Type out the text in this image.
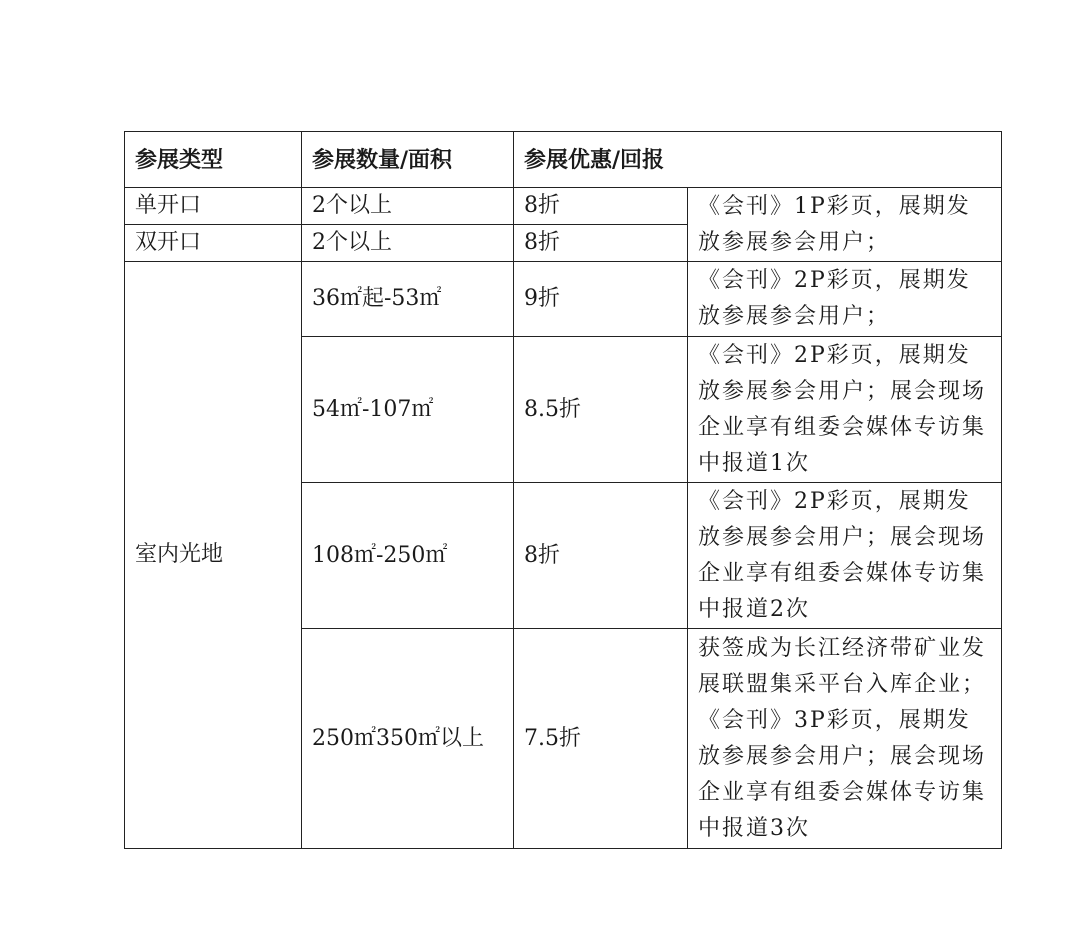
参展类型	参展数量/面积	参展优惠/回报	
单开口	2个以上	8折	《会刊》1P彩页，展期发放参展参会用户；
双开口	2个以上	8折	
室内光地	36㎡起-53㎡	9折	《会刊》2P彩页，展期发放参展参会用户；
	54㎡-107㎡	8.5折	《会刊》2P彩页，展期发放参展参会用户；展会现场企业享有组委会媒体专访集中报道1次
	108㎡-250㎡	8折	《会刊》2P彩页，展期发放参展参会用户；展会现场企业享有组委会媒体专访集中报道2次
	250㎡350㎡以上	7.5折	获签成为长江经济带矿业发展联盟集采平台入库企业；《会刊》3P彩页，展期发放参展参会用户；展会现场企业享有组委会媒体专访集中报道3次
